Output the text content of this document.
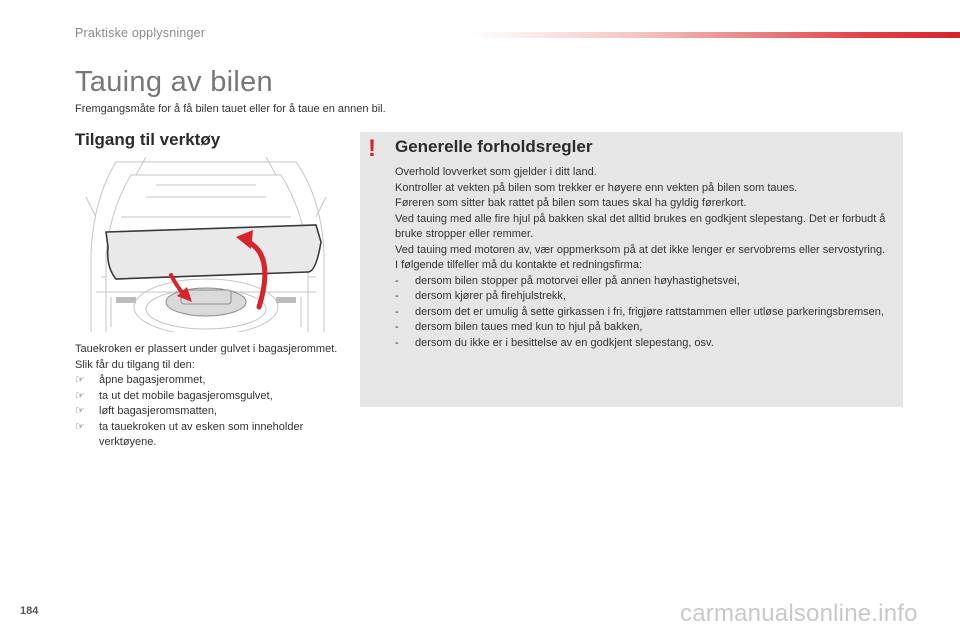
Praktiske opplysninger
Tauing av bilen
Fremgangsmåte for å få bilen tauet eller for å taue en annen bil.
Tilgang til verktøy
Tauekroken er plassert under gulvet i bagasjerommet.
Slik får du tilgang til den:
☞ åpne bagasjerommet,
☞ ta ut det mobile bagasjeromsgulvet,
☞ løft bagasjeromsmatten,
☞ ta tauekroken ut av esken som inneholder verktøyene.
! Generelle forholdsregler
Overhold lovverket som gjelder i ditt land.
Kontroller at vekten på bilen som trekker er høyere enn vekten på bilen som taues.
Føreren som sitter bak rattet på bilen som taues skal ha gyldig førerkort.
Ved tauing med alle fire hjul på bakken skal det alltid brukes en godkjent slepestang. Det er forbudt å bruke stropper eller remmer.
Ved tauing med motoren av, vær oppmerksom på at det ikke lenger er servobrems eller servostyring.
I følgende tilfeller må du kontakte et redningsfirma:
- dersom bilen stopper på motorvei eller på annen høyhastighetsvei,
- dersom kjører på firehjulstrekk,
- dersom det er umulig å sette girkassen i fri, frigjøre rattstammen eller utløse parkeringsbremsen,
- dersom bilen taues med kun to hjul på bakken,
- dersom du ikke er i besittelse av en godkjent slepestang, osv.
184	carmanualsonline.info
